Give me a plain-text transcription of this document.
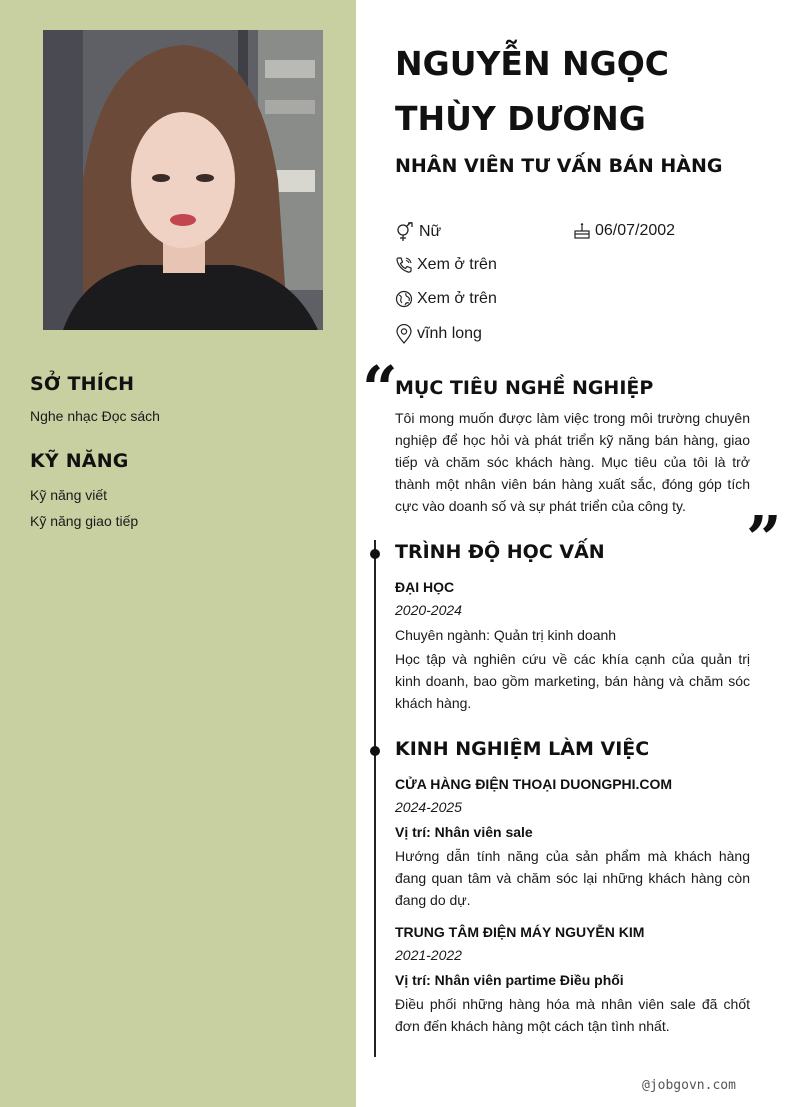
SỞ THÍCH
Nghe nhạc Đọc sách
KỸ NĂNG
Kỹ năng viết
Kỹ năng giao tiếp
NGUYỄN NGỌC THÙY DƯƠNG
NHÂN VIÊN TƯ VẤN BÁN HÀNG
Nữ	06/07/2002
Xem ở trên
Xem ở trên
vĩnh long
“
”
MỤC TIÊU NGHỀ NGHIỆP
Tôi mong muốn được làm việc trong môi trường chuyên nghiệp để học hỏi và phát triển kỹ năng bán hàng, giao tiếp và chăm sóc khách hàng. Mục tiêu của tôi là trở thành một nhân viên bán hàng xuất sắc, đóng góp tích cực vào doanh số và sự phát triển của công ty.
TRÌNH ĐỘ HỌC VẤN
ĐẠI HỌC
2020-2024
Chuyên ngành: Quản trị kinh doanh
Học tập và nghiên cứu về các khía cạnh của quản trị kinh doanh, bao gồm marketing, bán hàng và chăm sóc khách hàng.
KINH NGHIỆM LÀM VIỆC
CỬA HÀNG ĐIỆN THOẠI DUONGPHI.COM
2024-2025
Vị trí: Nhân viên sale
Hướng dẫn tính năng của sản phẩm mà khách hàng đang quan tâm và chăm sóc lại những khách hàng còn đang do dự.
TRUNG TÂM ĐIỆN MÁY NGUYỄN KIM
2021-2022
Vị trí: Nhân viên partime Điều phối
Điều phối những hàng hóa mà nhân viên sale đã chốt đơn đến khách hàng một cách tận tình nhất.
@jobgovn.com
